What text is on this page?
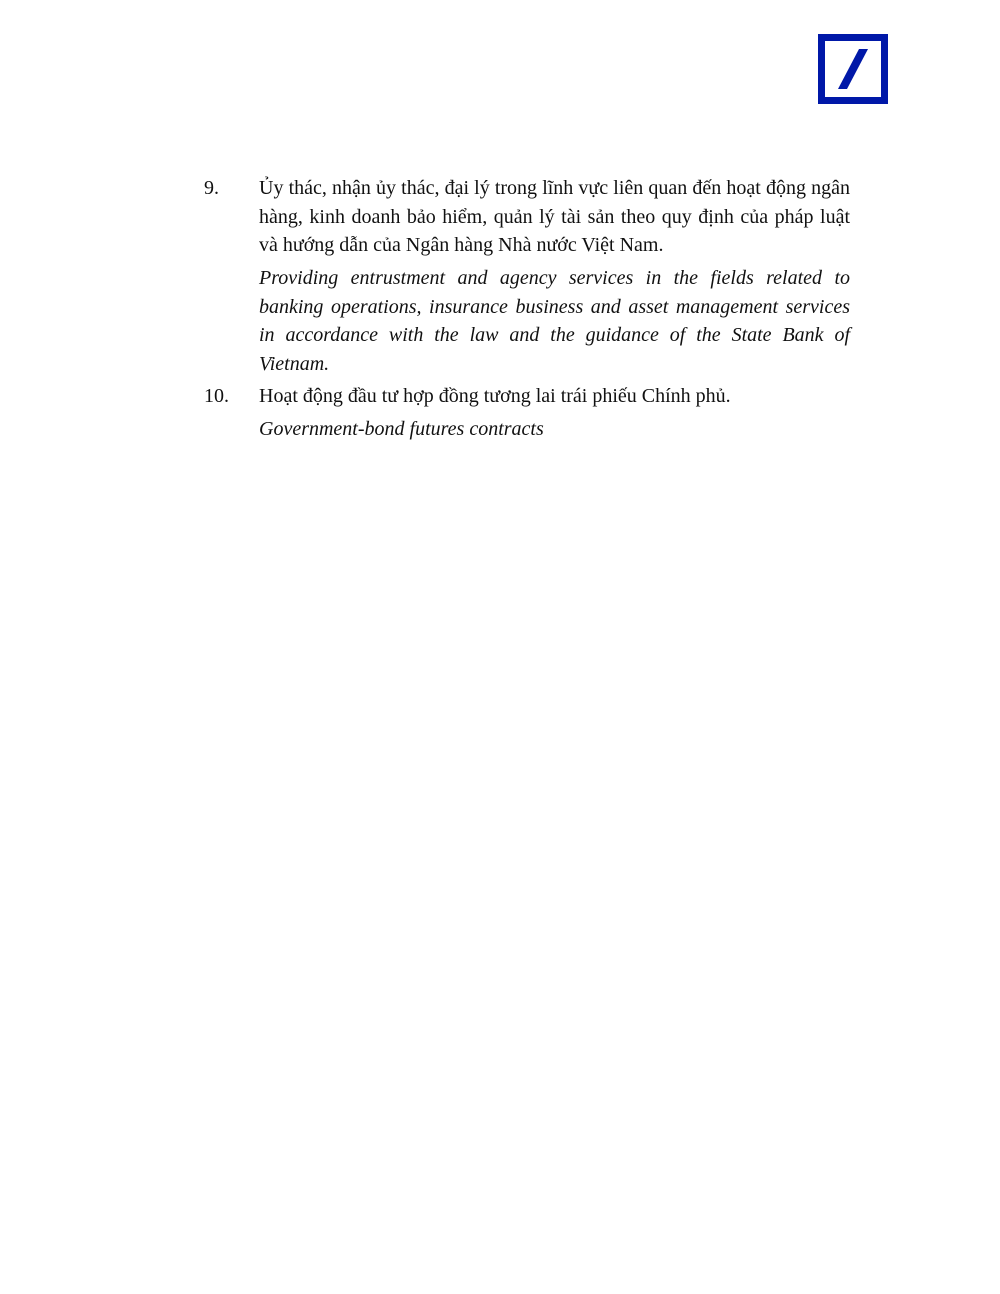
9. Ủy thác, nhận ủy thác, đại lý trong lĩnh vực liên quan đến hoạt động ngân hàng, kinh doanh bảo hiểm, quản lý tài sản theo quy định của pháp luật và hướng dẫn của Ngân hàng Nhà nước Việt Nam.

Providing entrustment and agency services in the fields related to banking operations, insurance business and asset management services in accordance with the law and the guidance of the State Bank of Vietnam.

10. Hoạt động đầu tư hợp đồng tương lai trái phiếu Chính phủ.

Government-bond futures contracts
